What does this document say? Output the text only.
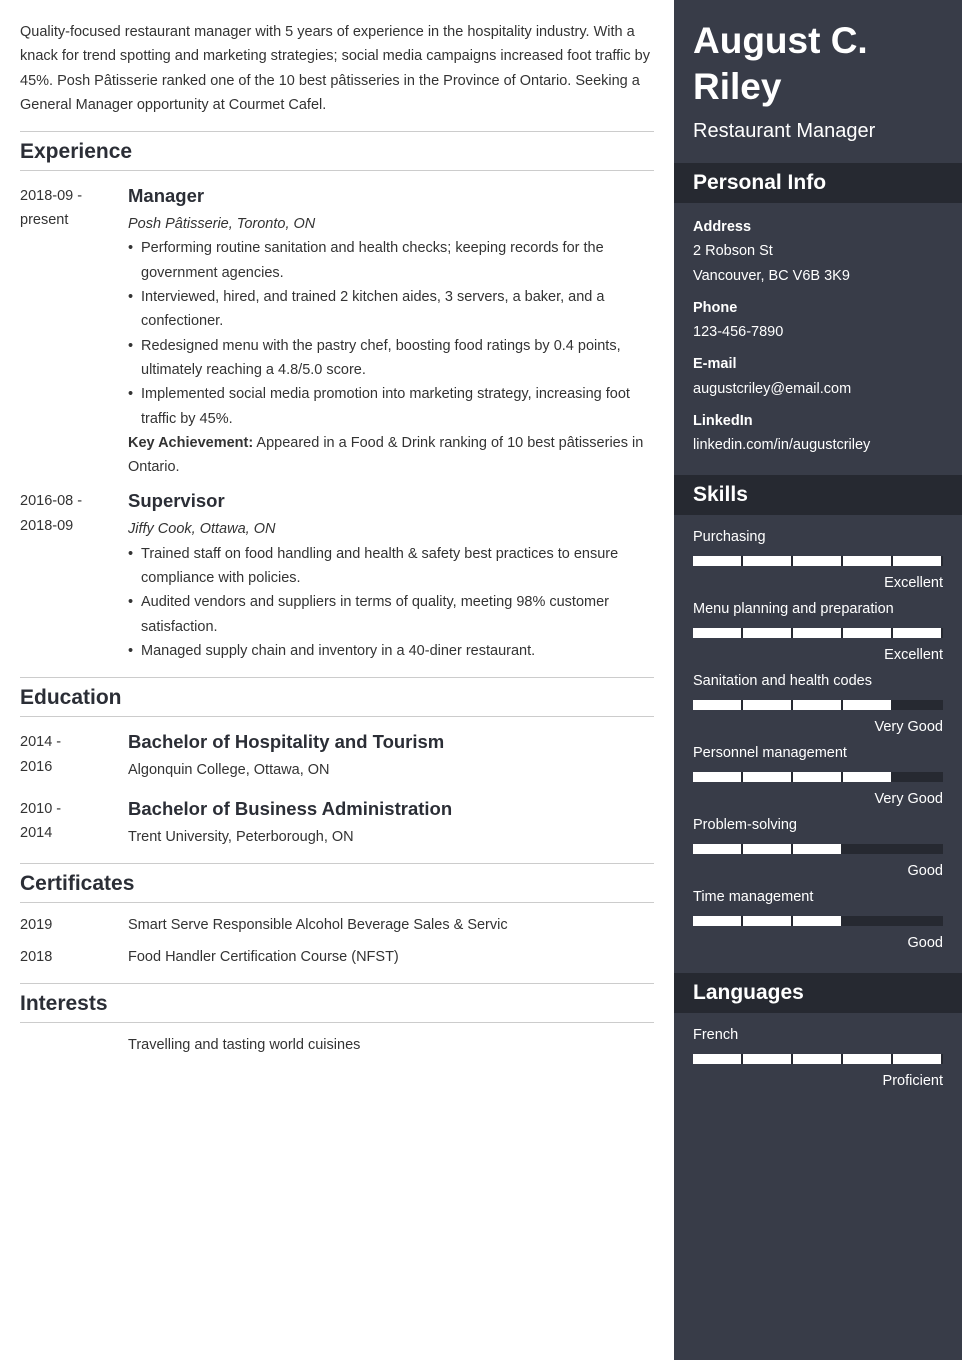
Quality-focused restaurant manager with 5 years of experience in the hospitality industry. With a knack for trend spotting and marketing strategies; social media campaigns increased foot traffic by 45%. Posh Pâtisserie ranked one of the 10 best pâtisseries in the Province of Ontario. Seeking a General Manager opportunity at Courmet Cafel.

Experience
2018-09 -
present
Manager
Posh Pâtisserie, Toronto, ON
• Performing routine sanitation and health checks; keeping records for the government agencies.
• Interviewed, hired, and trained 2 kitchen aides, 3 servers, a baker, and a confectioner.
• Redesigned menu with the pastry chef, boosting food ratings by 0.4 points, ultimately reaching a 4.8/5.0 score.
• Implemented social media promotion into marketing strategy, increasing foot traffic by 45%.
Key Achievement: Appeared in a Food & Drink ranking of 10 best pâtisseries in Ontario.
2016-08 -
2018-09
Supervisor
Jiffy Cook, Ottawa, ON
• Trained staff on food handling and health & safety best practices to ensure compliance with policies.
• Audited vendors and suppliers in terms of quality, meeting 98% customer satisfaction.
• Managed supply chain and inventory in a 40-diner restaurant.
Education
2014 -
2016
Bachelor of Hospitality and Tourism
Algonquin College, Ottawa, ON
2010 -
2014
Bachelor of Business Administration
Trent University, Peterborough, ON
Certificates
2019	Smart Serve Responsible Alcohol Beverage Sales & Servic
2018	Food Handler Certification Course (NFST)
Interests
Travelling and tasting world cuisines
August C.
Riley
Restaurant Manager
Personal Info
Address
2 Robson St
Vancouver, BC V6B 3K9
Phone
123-456-7890
E-mail
augustcriley@email.com
LinkedIn
linkedin.com/in/augustcriley
Skills
Purchasing
Excellent
Menu planning and preparation
Excellent
Sanitation and health codes
Very Good
Personnel management
Very Good
Problem-solving
Good
Time management
Good
Languages
French
Proficient
